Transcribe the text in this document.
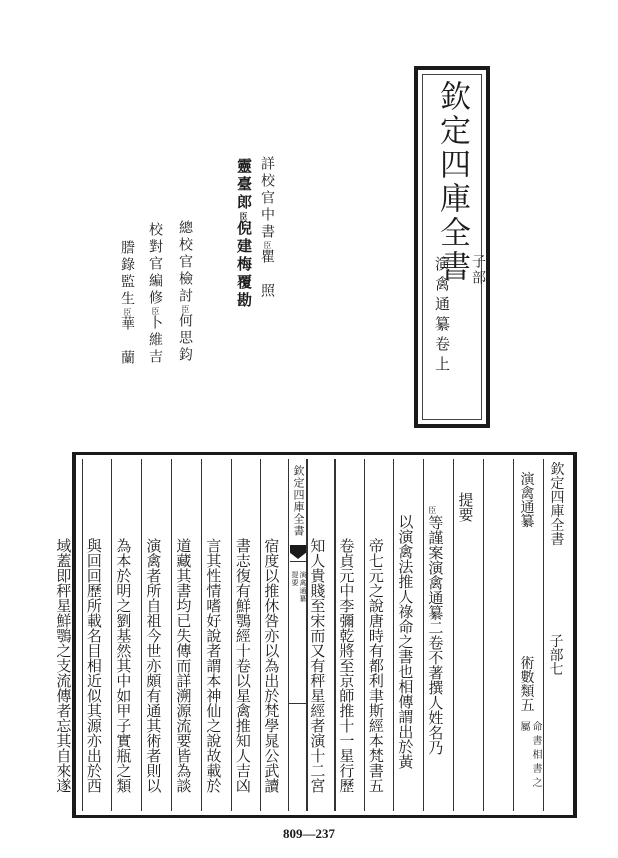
欽定四庫全書 子部
演禽通纂卷上
詳校官中書臣瞿　照
靈臺郎臣倪建梅覆勘
總校官檢討臣何思鈞
校對官編修臣卜維吉
謄錄監生臣華　蘭
欽定四庫全書
子部七
演禽通纂
術數類五
命書相書之
屬
提要
臣等謹案演禽通纂二卷不著撰人姓名乃
以演禽法推人祿命之書也相傳謂出於黃
帝七元之說唐時有都利聿斯經本梵書五
卷貞元中李彌乾將至京師推十一星行歷
知人貴賤至宋而又有秤星經者演十二宮
欽定四庫全書
演禽通纂
提要
宿度以推休咎亦以為出於梵學晁公武讀
書志復有鮮鶚經十卷以星禽推知人吉凶
言其性情嗜好說者謂本神仙之說故載於
道藏其書均已失傳而詳溯源流要皆為談
演禽者所自祖今世亦頗有通其術者則以
為本於明之劉基然其中如甲子實瓶之類
與回回歷所載名目相近似其源亦出於西
域蓋即秤星鮮鶚之支流傳者忘其自來遂
809—237
